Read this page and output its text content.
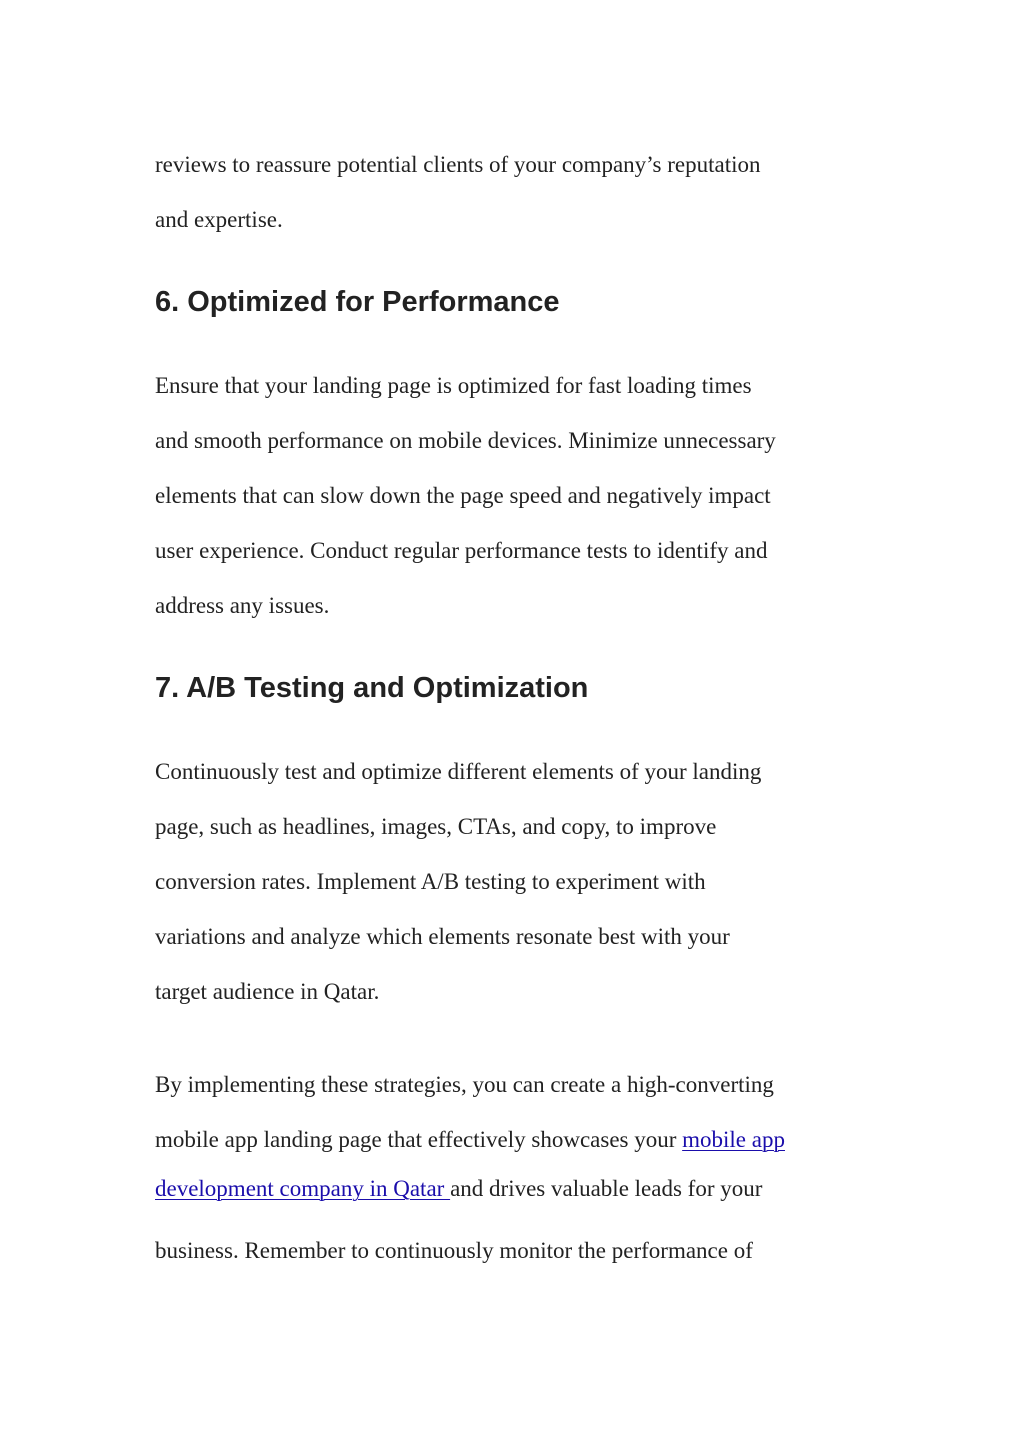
reviews to reassure potential clients of your company’s reputation

and expertise.

6. Optimized for Performance

Ensure that your landing page is optimized for fast loading times

and smooth performance on mobile devices. Minimize unnecessary

elements that can slow down the page speed and negatively impact

user experience. Conduct regular performance tests to identify and

address any issues.

7. A/B Testing and Optimization

Continuously test and optimize different elements of your landing

page, such as headlines, images, CTAs, and copy, to improve

conversion rates. Implement A/B testing to experiment with

variations and analyze which elements resonate best with your

target audience in Qatar.

By implementing these strategies, you can create a high-converting

mobile app landing page that effectively showcases your mobile app

development company in Qatar and drives valuable leads for your

business. Remember to continuously monitor the performance of
